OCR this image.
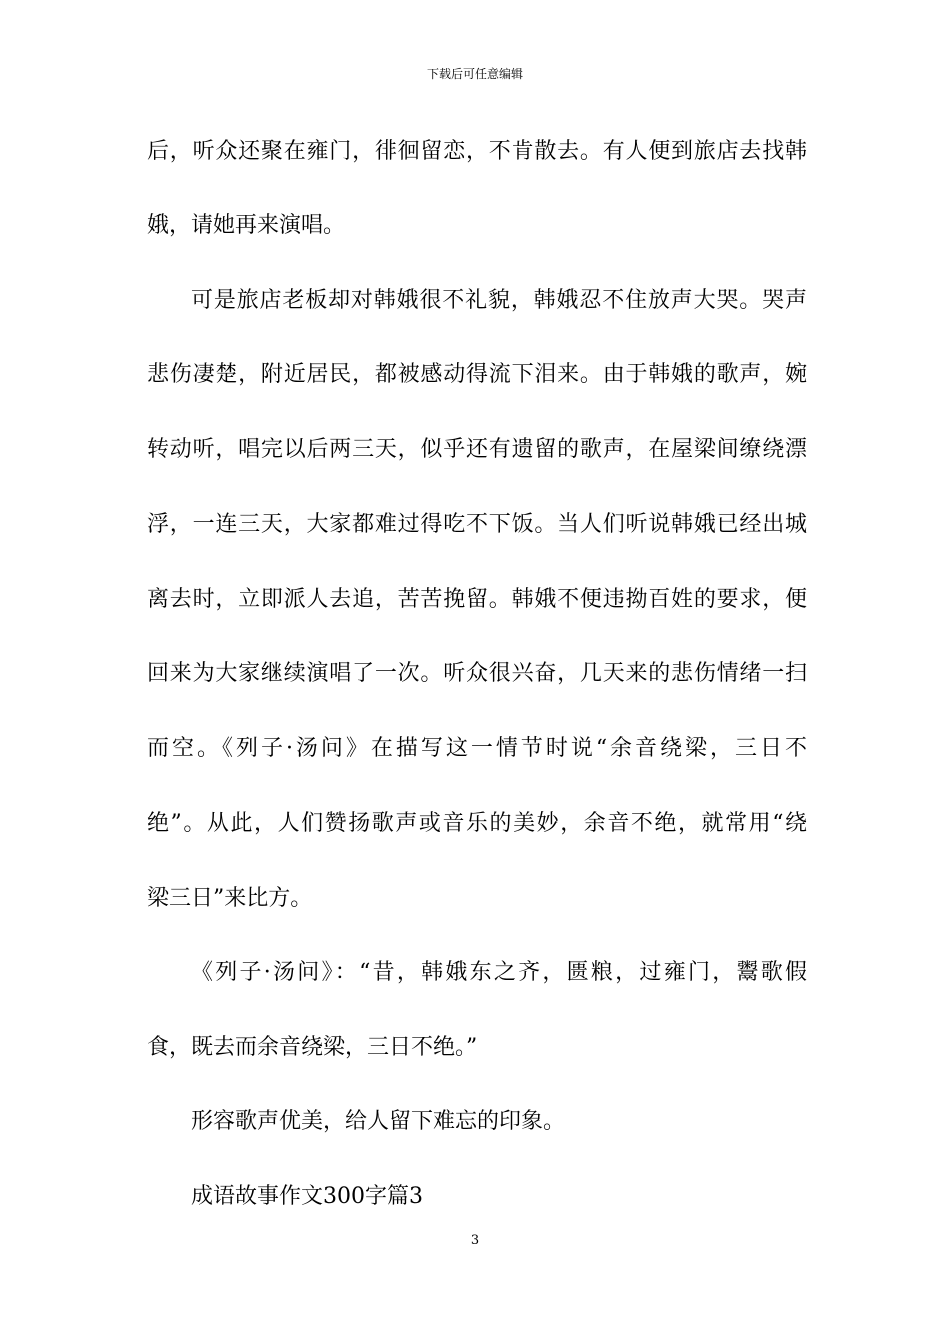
下载后可任意编辑
后，听众还聚在雍门，徘徊留恋，不肯散去。有人便到旅店去找韩
娥，请她再来演唱。
可是旅店老板却对韩娥很不礼貌，韩娥忍不住放声大哭。哭声
悲伤凄楚，附近居民，都被感动得流下泪来。由于韩娥的歌声，婉
转动听，唱完以后两三天，似乎还有遗留的歌声，在屋梁间缭绕漂
浮，一连三天，大家都难过得吃不下饭。当人们听说韩娥已经出城
离去时，立即派人去追，苦苦挽留。韩娥不便违拗百姓的要求，便
回来为大家继续演唱了一次。听众很兴奋，几天来的悲伤情绪一扫
而空。《列子·汤问》在描写这一情节时说“余音绕梁，三日不
绝”。从此，人们赞扬歌声或音乐的美妙，余音不绝，就常用“绕
梁三日”来比方。
《列子·汤问》：“昔，韩娥东之齐，匮粮，过雍门，鬻歌假
食，既去而余音绕梁，三日不绝。”
形容歌声优美，给人留下难忘的印象。
成语故事作文300字篇3
3
